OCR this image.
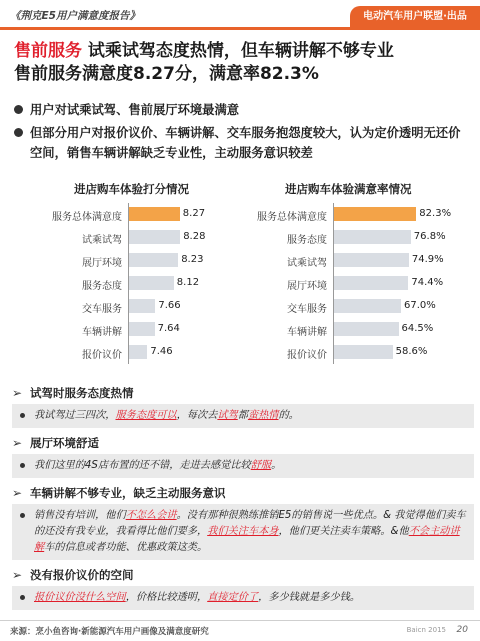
《荆克E5用户满意度报告》	电动汽车用户联盟·出品
售前服务 试乘试驾态度热情，但车辆讲解不够专业
售前服务满意度8.27分，满意率82.3%
用户对试乘试驾、售前展厅环境最满意
但部分用户对报价议价、车辆讲解、交车服务抱怨度较大，认为定价透明无还价空间，销售车辆讲解缺乏专业性，主动服务意识较差
进店购车体验打分情况	进店购车体验满意率情况
服务总体满意度	8.27
试乘试驾	8.28
展厅环境	8.23
服务态度	8.12
交车服务	7.66
车辆讲解	7.64
报价议价	7.46
服务总体满意度	82.3%
服务态度	76.8%
试乘试驾	74.9%
展厅环境	74.4%
交车服务	67.0%
车辆讲解	64.5%
报价议价	58.6%
➢ 试驾时服务态度热情
我试驾过三四次，服务态度可以，每次去试驾都蛮热情的。
➢ 展厅环境舒适
我们这里的4S店布置的还不错，走进去感觉比较舒服。
➢ 车辆讲解不够专业，缺乏主动服务意识
销售没有培训，他们不怎么会讲。没有那种很熟练推销E5的销售说一些优点。& 我觉得他们卖车的还没有我专业，我看得比他们要多，我们关注车本身，他们更关注卖车策略。&他不会主动讲解车的信息或者功能、优惠政策这类。
➢ 没有报价议价的空间
报价议价没什么空间，价格比较透明，直接定价了，多少钱就是多少钱。
来源：烹小鱼咨询·新能源汽车用户画像及满意度研究	Baicn 2015 20
